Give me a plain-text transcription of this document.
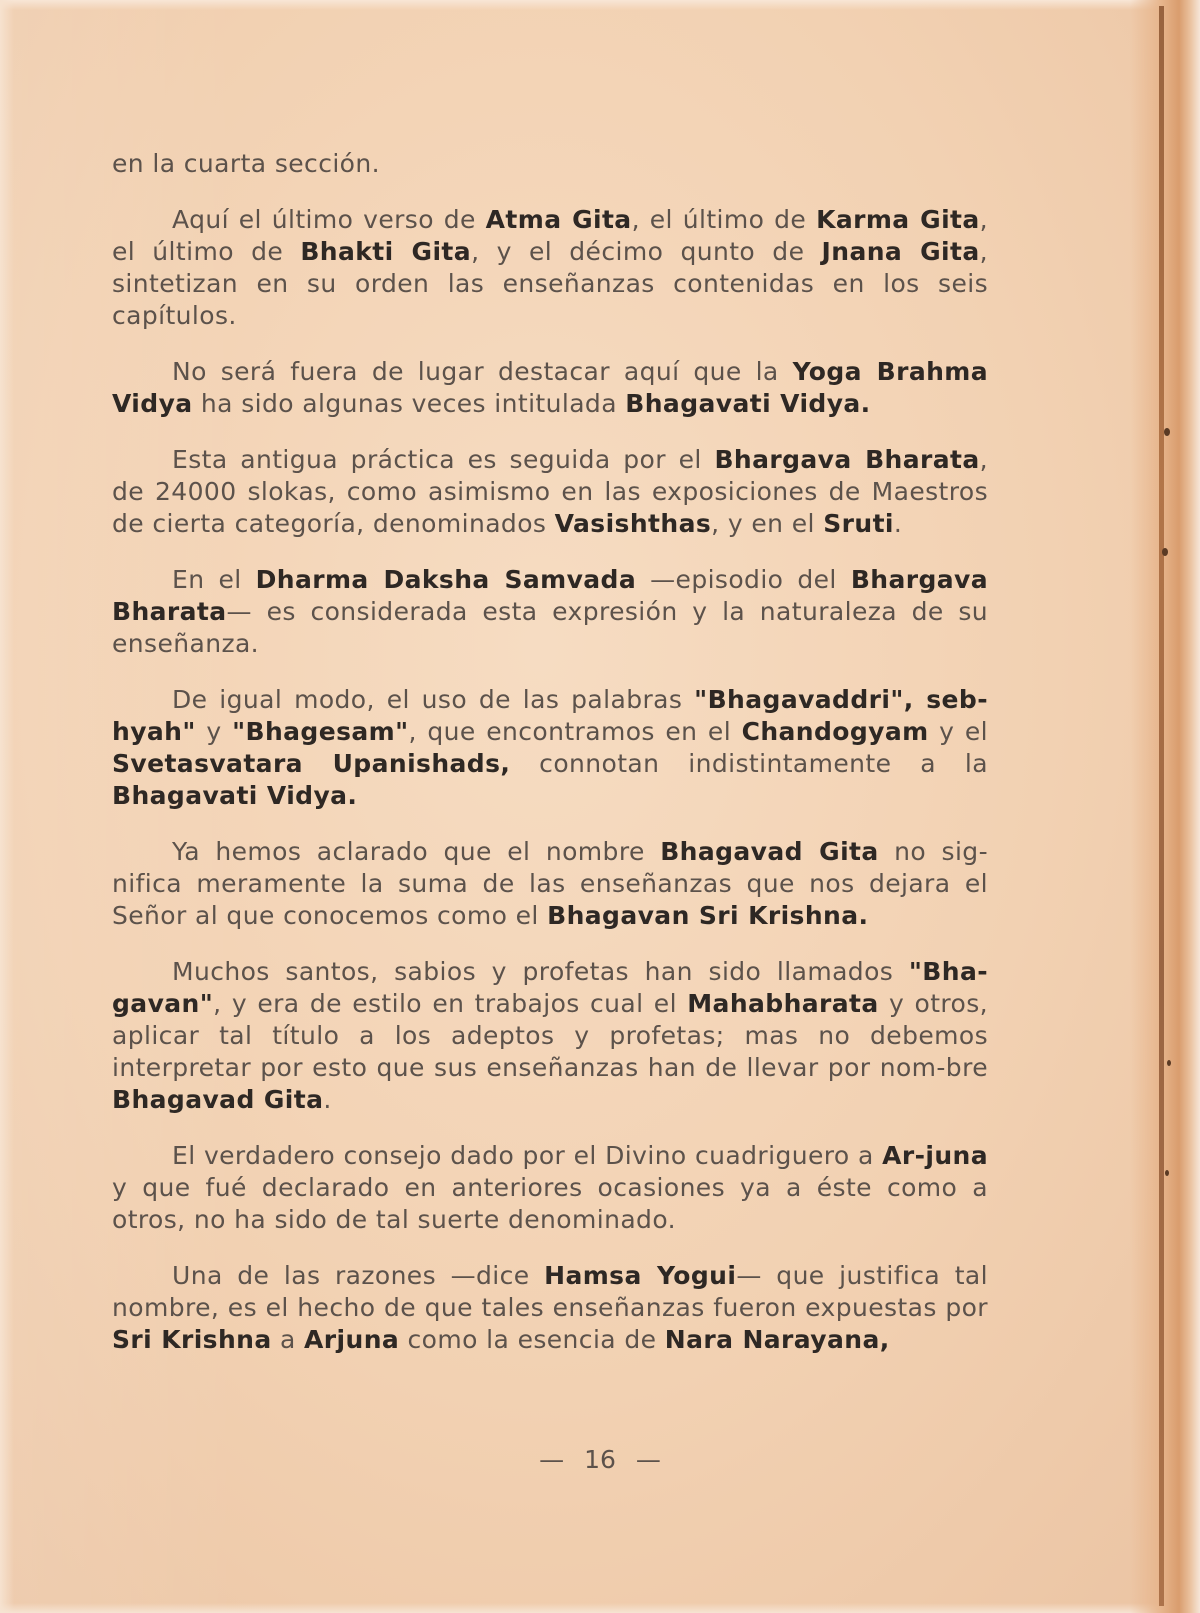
en la cuarta sección.

Aquí el último verso de Atma Gita, el último de Karma Gita, el último de Bhakti Gita, y el décimo qunto de Jnana Gita, sintetizan en su orden las enseñanzas contenidas en los seis capítulos.

No será fuera de lugar destacar aquí que la Yoga Brahma Vidya ha sido algunas veces intitulada Bhagavati Vidya.

Esta antigua práctica es seguida por el Bhargava Bharata, de 24000 slokas, como asimismo en las exposiciones de Maestros de cierta categoría, denominados Vasishthas, y en el Sruti.

En el Dharma Daksha Samvada —episodio del Bhargava Bharata— es considerada esta expresión y la naturaleza de su enseñanza.

De igual modo, el uso de las palabras "Bhagavaddri", seb-hyah" y "Bhagesam", que encontramos en el Chandogyam y el Svetasvatara Upanishads, connotan indistintamente a la Bhagavati Vidya.

Ya hemos aclarado que el nombre Bhagavad Gita no sig-nifica meramente la suma de las enseñanzas que nos dejara el Señor al que conocemos como el Bhagavan Sri Krishna.

Muchos santos, sabios y profetas han sido llamados "Bha-gavan", y era de estilo en trabajos cual el Mahabharata y otros, aplicar tal título a los adeptos y profetas; mas no debemos interpretar por esto que sus enseñanzas han de llevar por nom-bre Bhagavad Gita.

El verdadero consejo dado por el Divino cuadriguero a Ar-juna y que fué declarado en anteriores ocasiones ya a éste como a otros, no ha sido de tal suerte denominado.

Una de las razones —dice Hamsa Yogui— que justifica tal nombre, es el hecho de que tales enseñanzas fueron expuestas por Sri Krishna a Arjuna como la esencia de Nara Narayana,

— 16 —
